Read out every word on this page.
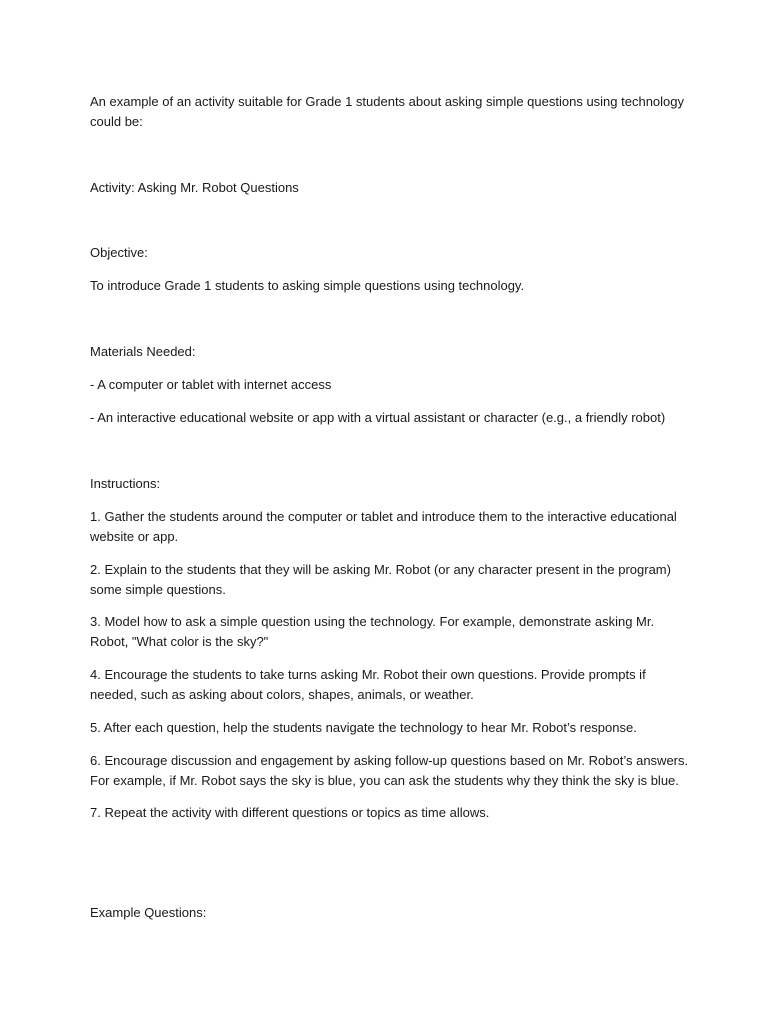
An example of an activity suitable for Grade 1 students about asking simple questions using technology could be:

Activity: Asking Mr. Robot Questions

Objective:

To introduce Grade 1 students to asking simple questions using technology.

Materials Needed:

- A computer or tablet with internet access

- An interactive educational website or app with a virtual assistant or character (e.g., a friendly robot)

Instructions:

1. Gather the students around the computer or tablet and introduce them to the interactive educational website or app.

2. Explain to the students that they will be asking Mr. Robot (or any character present in the program) some simple questions.

3. Model how to ask a simple question using the technology. For example, demonstrate asking Mr. Robot, "What color is the sky?"

4. Encourage the students to take turns asking Mr. Robot their own questions. Provide prompts if needed, such as asking about colors, shapes, animals, or weather.

5. After each question, help the students navigate the technology to hear Mr. Robot’s response.

6. Encourage discussion and engagement by asking follow-up questions based on Mr. Robot’s answers. For example, if Mr. Robot says the sky is blue, you can ask the students why they think the sky is blue.

7. Repeat the activity with different questions or topics as time allows.

Example Questions:
